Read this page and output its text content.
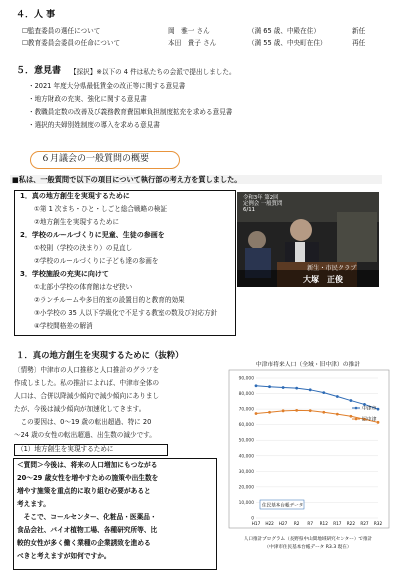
４．人 事
☐監査委員の選任について	岡　雅一 さん	（満 65 歳、中殿在住）	新任
☐教育委員会委員の任命について	本田　貴子 さん	（満 55 歳、中央町在住）	再任
５．意見書 【採択】※以下の 4 件は私たちの会派で提出しました。
・2021 年度大分県最低賃金の改正等に関する意見書
・地方財政の充実、強化に関する意見書
・教職員定数の改善及び義務教育費国庫負担制度拡充を求める意見書
・選択的夫婦別姓制度の導入を求める意見書
６月議会の一般質問の概要
■私は、一般質問で以下の項目について執行部の考え方を質しました。
1．真の地方創生を実現するために
①第 1 次まち・ひと・しごと総合戦略の検証
②地方創生を実現するために
2．学校のルールづくりに児童、生徒の参画を
①校則（学校の決まり）の見直し
②学校のルールづくりに子ども達の参画を
3．学校施設の充実に向けて
①北部小学校の体育館はなぜ狭い
②ランチルームや多目的室の設置目的と教育的効果
③小学校の 35 人以下学級化で不足する教室の数及び対応方針
④学校間格差の解消
令和3年 第2回定例会 一般質問 6/11
新生・市民クラブ
大塚　正俊
１．真の地方創生を実現するために（抜粋）
〔情勢〕中津市の人口推移と人口推計のグラフを
作成しました。私の推計によれば、中津市全体の
人口は、合併以降減少傾向で減少傾向にありまし
たが、今後は減少傾向が加速化してきます。
　この要因は、0～19 歳の転出超過、特に 20
～24 歳の女性の転出超過、出生数の減少です。
（1）地方創生を実現するために
＜質問＞今後は、将来の人口増加にもつながる
20～29 歳女性を増やすための施策や出生数を
増やす施策を重点的に取り組む必要があると
考えます。
　そこで、コールセンター、化粧品・医薬品・
食品会社、バイオ植物工場、各種研究所等、比
較的女性が多く働く業種の企業誘致を進める
べきと考えますが如何ですか。
中津市将来人口（全域・旧中津）の推計
90,000
80,000
70,000
60,000
50,000
40,000
30,000
20,000
10,000
0
中津市
旧中津
H17 H22 H27 R2 R7 R12 R17 R22 R27 R32
住民基本台帳データ
人口推計プログラム（長野県中山間地域研究センター）で推計
（中津市住民基本台帳データ R3.3 現在）
